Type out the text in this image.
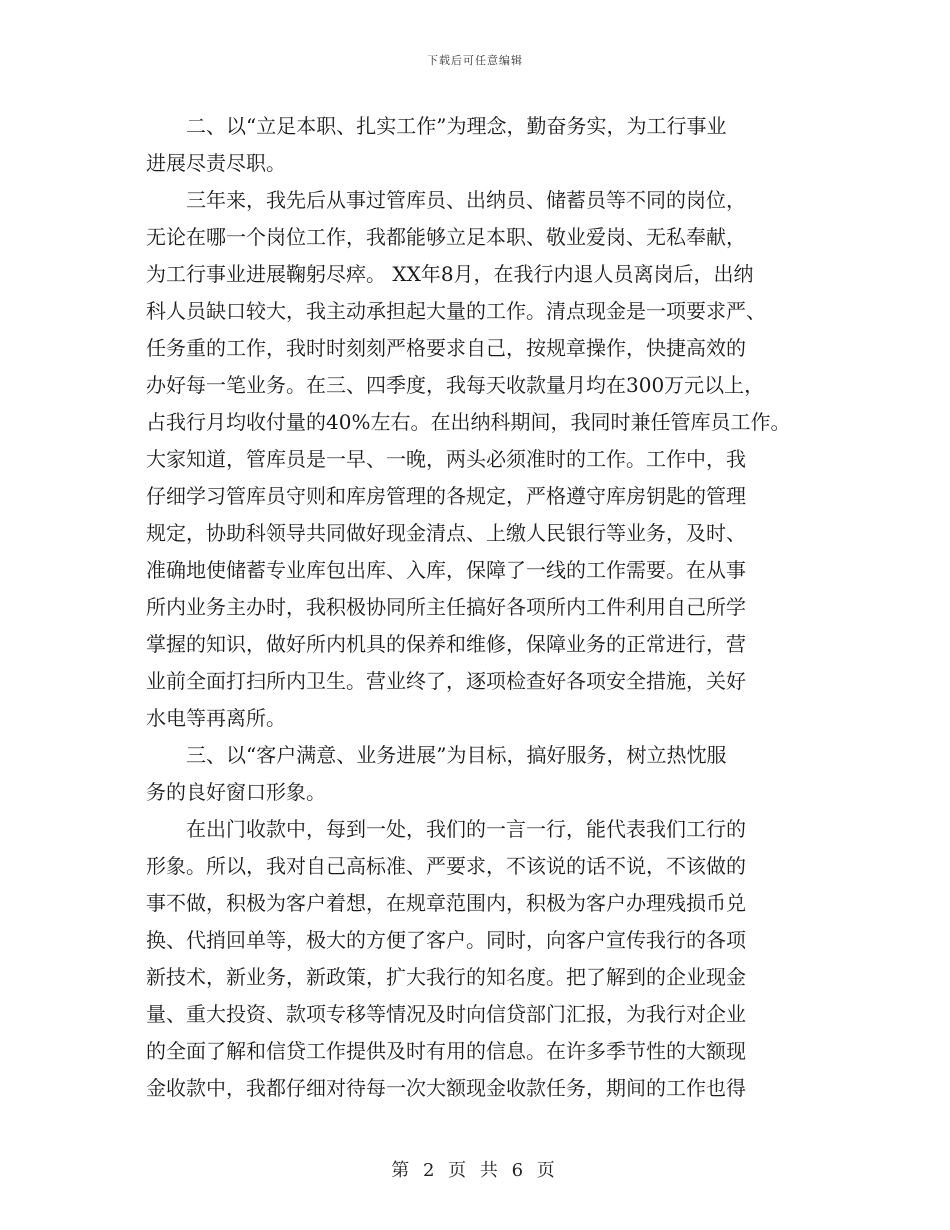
下载后可任意编辑
二、以“立足本职、扎实工作”为理念，勤奋务实，为工行事业
进展尽责尽职。
三年来，我先后从事过管库员、出纳员、储蓄员等不同的岗位，
无论在哪一个岗位工作，我都能够立足本职、敬业爱岗、无私奉献，
为工行事业进展鞠躬尽瘁。 XX年8月，在我行内退人员离岗后，出纳
科人员缺口较大，我主动承担起大量的工作。清点现金是一项要求严、
任务重的工作，我时时刻刻严格要求自己，按规章操作，快捷高效的
办好每一笔业务。在三、四季度，我每天收款量月均在300万元以上，
占我行月均收付量的40%左右。在出纳科期间，我同时兼任管库员工作。
大家知道，管库员是一早、一晚，两头必须准时的工作。工作中，我
仔细学习管库员守则和库房管理的各规定，严格遵守库房钥匙的管理
规定，协助科领导共同做好现金清点、上缴人民银行等业务，及时、
准确地使储蓄专业库包出库、入库，保障了一线的工作需要。在从事
所内业务主办时，我积极协同所主任搞好各项所内工件利用自己所学
掌握的知识，做好所内机具的保养和维修，保障业务的正常进行，营
业前全面打扫所内卫生。营业终了，逐项检查好各项安全措施，关好
水电等再离所。
三、以“客户满意、业务进展”为目标，搞好服务，树立热忱服
务的良好窗口形象。
在出门收款中，每到一处，我们的一言一行，能代表我们工行的
形象。所以，我对自己高标准、严要求，不该说的话不说，不该做的
事不做，积极为客户着想，在规章范围内，积极为客户办理残损币兑
换、代捎回单等，极大的方便了客户。同时，向客户宣传我行的各项
新技术，新业务，新政策，扩大我行的知名度。把了解到的企业现金
量、重大投资、款项专移等情况及时向信贷部门汇报，为我行对企业
的全面了解和信贷工作提供及时有用的信息。在许多季节性的大额现
金收款中，我都仔细对待每一次大额现金收款任务，期间的工作也得
第 2 页 共 6 页
